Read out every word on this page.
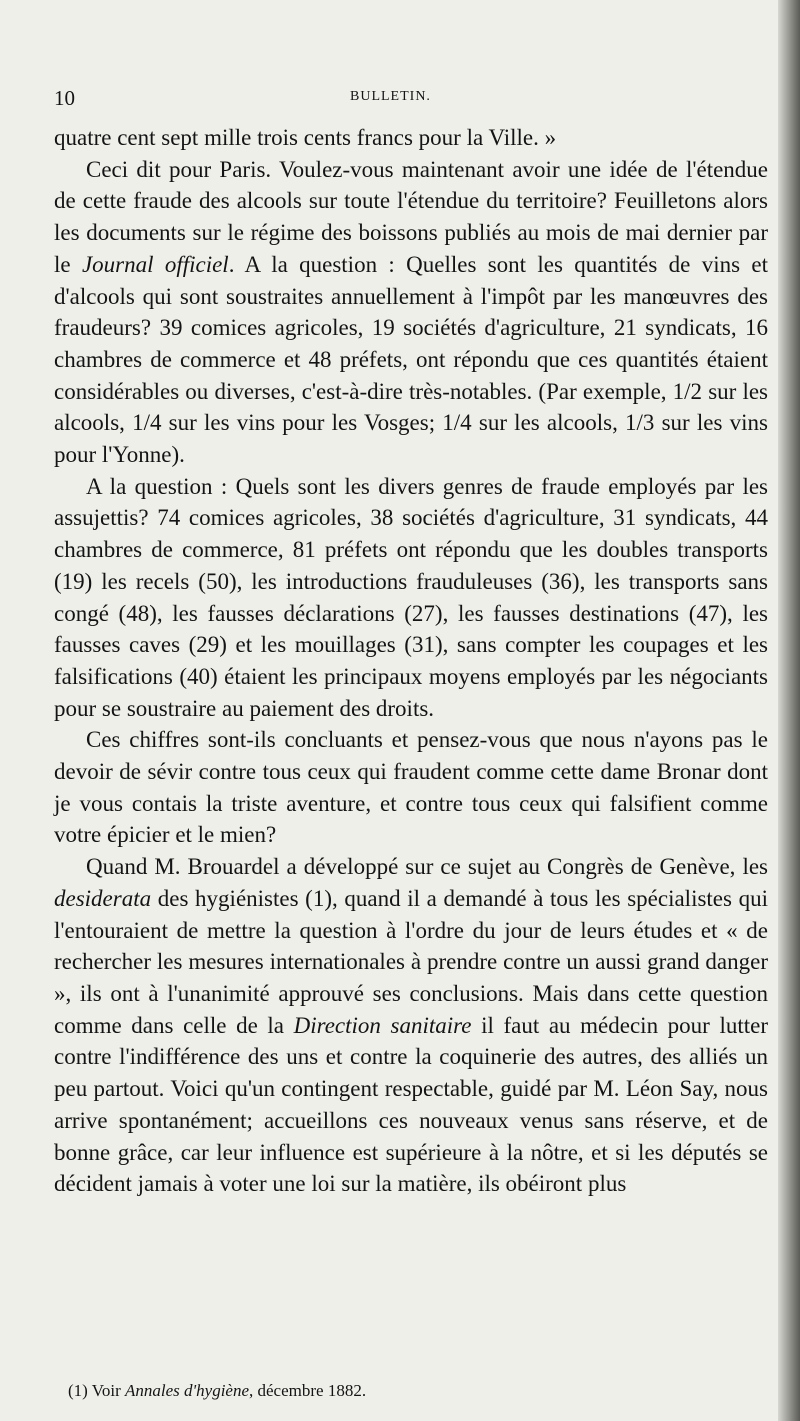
10	BULLETIN.

quatre cent sept mille trois cents francs pour la Ville. »

Ceci dit pour Paris. Voulez-vous maintenant avoir une idée de l'étendue de cette fraude des alcools sur toute l'étendue du territoire? Feuilletons alors les documents sur le régime des boissons publiés au mois de mai dernier par le Journal officiel. A la question : Quelles sont les quantités de vins et d'alcools qui sont soustraites annuellement à l'impôt par les manœuvres des fraudeurs? 39 comices agricoles, 19 sociétés d'agriculture, 21 syndicats, 16 chambres de commerce et 48 préfets, ont répondu que ces quantités étaient considérables ou diverses, c'est-à-dire très-notables. (Par exemple, 1/2 sur les alcools, 1/4 sur les vins pour les Vosges; 1/4 sur les alcools, 1/3 sur les vins pour l'Yonne).

A la question : Quels sont les divers genres de fraude employés par les assujettis? 74 comices agricoles, 38 sociétés d'agriculture, 31 syndicats, 44 chambres de commerce, 81 préfets ont répondu que les doubles transports (19) les recels (50), les introductions frauduleuses (36), les transports sans congé (48), les fausses déclarations (27), les fausses destinations (47), les fausses caves (29) et les mouillages (31), sans compter les coupages et les falsifications (40) étaient les principaux moyens employés par les négociants pour se soustraire au paiement des droits.

Ces chiffres sont-ils concluants et pensez-vous que nous n'ayons pas le devoir de sévir contre tous ceux qui fraudent comme cette dame Bronar dont je vous contais la triste aventure, et contre tous ceux qui falsifient comme votre épicier et le mien?

Quand M. Brouardel a développé sur ce sujet au Congrès de Genève, les desiderata des hygiénistes (1), quand il a demandé à tous les spécialistes qui l'entouraient de mettre la question à l'ordre du jour de leurs études et « de rechercher les mesures internationales à prendre contre un aussi grand danger », ils ont à l'unanimité approuvé ses conclusions. Mais dans cette question comme dans celle de la Direction sanitaire il faut au médecin pour lutter contre l'indifférence des uns et contre la coquinerie des autres, des alliés un peu partout. Voici qu'un contingent respectable, guidé par M. Léon Say, nous arrive spontanément; accueillons ces nouveaux venus sans réserve, et de bonne grâce, car leur influence est supérieure à la nôtre, et si les députés se décident jamais à voter une loi sur la matière, ils obéiront plus

(1) Voir Annales d'hygiène, décembre 1882.
